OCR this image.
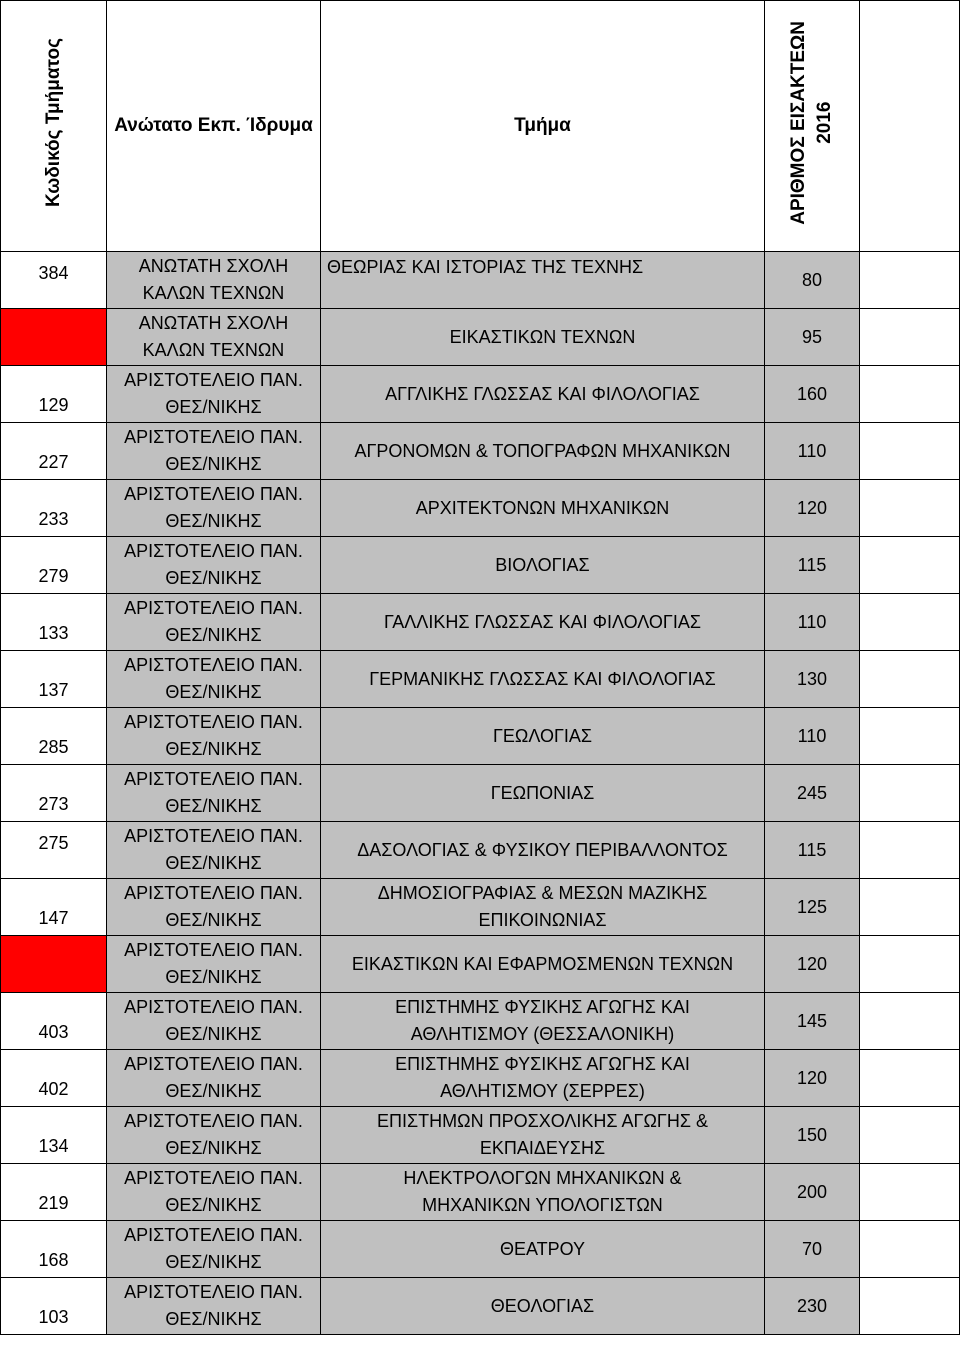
Κωδικός Τμήματος	Ανώτατο Εκπ. Ίδρυμα	Τμήμα	ΑΡΙΘΜΟΣ ΕΙΣΑΚΤΕΩΝ 2016	
384	ΑΝΩΤΑΤΗ ΣΧΟΛΗ
ΚΑΛΩΝ ΤΕΧΝΩΝ	ΘΕΩΡΙΑΣ ΚΑΙ ΙΣΤΟΡΙΑΣ ΤΗΣ ΤΕΧΝΗΣ	80	

	ΑΝΩΤΑΤΗ ΣΧΟΛΗ
ΚΑΛΩΝ ΤΕΧΝΩΝ	ΕΙΚΑΣΤΙΚΩΝ ΤΕΧΝΩΝ	95	
129	ΑΡΙΣΤΟΤΕΛΕΙΟ ΠΑΝ.
ΘΕΣ/ΝΙΚΗΣ	ΑΓΓΛΙΚΗΣ ΓΛΩΣΣΑΣ ΚΑΙ ΦΙΛΟΛΟΓΙΑΣ	160	
227	ΑΡΙΣΤΟΤΕΛΕΙΟ ΠΑΝ.
ΘΕΣ/ΝΙΚΗΣ	ΑΓΡΟΝΟΜΩΝ & ΤΟΠΟΓΡΑΦΩΝ ΜΗΧΑΝΙΚΩΝ	110	
233	ΑΡΙΣΤΟΤΕΛΕΙΟ ΠΑΝ.
ΘΕΣ/ΝΙΚΗΣ	ΑΡΧΙΤΕΚΤΟΝΩΝ ΜΗΧΑΝΙΚΩΝ	120	
279	ΑΡΙΣΤΟΤΕΛΕΙΟ ΠΑΝ.
ΘΕΣ/ΝΙΚΗΣ	ΒΙΟΛΟΓΙΑΣ	115	
133	ΑΡΙΣΤΟΤΕΛΕΙΟ ΠΑΝ.
ΘΕΣ/ΝΙΚΗΣ	ΓΑΛΛΙΚΗΣ ΓΛΩΣΣΑΣ ΚΑΙ ΦΙΛΟΛΟΓΙΑΣ	110	
137	ΑΡΙΣΤΟΤΕΛΕΙΟ ΠΑΝ.
ΘΕΣ/ΝΙΚΗΣ	ΓΕΡΜΑΝΙΚΗΣ ΓΛΩΣΣΑΣ ΚΑΙ ΦΙΛΟΛΟΓΙΑΣ	130	
285	ΑΡΙΣΤΟΤΕΛΕΙΟ ΠΑΝ.
ΘΕΣ/ΝΙΚΗΣ	ΓΕΩΛΟΓΙΑΣ	110	
273	ΑΡΙΣΤΟΤΕΛΕΙΟ ΠΑΝ.
ΘΕΣ/ΝΙΚΗΣ	ΓΕΩΠΟΝΙΑΣ	245	
275	ΑΡΙΣΤΟΤΕΛΕΙΟ ΠΑΝ.
ΘΕΣ/ΝΙΚΗΣ	ΔΑΣΟΛΟΓΙΑΣ & ΦΥΣΙΚΟΥ ΠΕΡΙΒΑΛΛΟΝΤΟΣ	115	
147	ΑΡΙΣΤΟΤΕΛΕΙΟ ΠΑΝ.
ΘΕΣ/ΝΙΚΗΣ	ΔΗΜΟΣΙΟΓΡΑΦΙΑΣ & ΜΕΣΩΝ ΜΑΖΙΚΗΣ ΕΠΙΚΟΙΝΩΝΙΑΣ	125	

	ΑΡΙΣΤΟΤΕΛΕΙΟ ΠΑΝ.
ΘΕΣ/ΝΙΚΗΣ	ΕΙΚΑΣΤΙΚΩΝ ΚΑΙ ΕΦΑΡΜΟΣΜΕΝΩΝ ΤΕΧΝΩΝ	120	
403	ΑΡΙΣΤΟΤΕΛΕΙΟ ΠΑΝ.
ΘΕΣ/ΝΙΚΗΣ	ΕΠΙΣΤΗΜΗΣ ΦΥΣΙΚΗΣ ΑΓΩΓΗΣ ΚΑΙ ΑΘΛΗΤΙΣΜΟΥ (ΘΕΣΣΑΛΟΝΙΚΗ)	145	
402	ΑΡΙΣΤΟΤΕΛΕΙΟ ΠΑΝ.
ΘΕΣ/ΝΙΚΗΣ	ΕΠΙΣΤΗΜΗΣ ΦΥΣΙΚΗΣ ΑΓΩΓΗΣ ΚΑΙ ΑΘΛΗΤΙΣΜΟΥ (ΣΕΡΡΕΣ)	120	
134	ΑΡΙΣΤΟΤΕΛΕΙΟ ΠΑΝ.
ΘΕΣ/ΝΙΚΗΣ	ΕΠΙΣΤΗΜΩΝ ΠΡΟΣΧΟΛΙΚΗΣ ΑΓΩΓΗΣ & ΕΚΠΑΙΔΕΥΣΗΣ	150	
219	ΑΡΙΣΤΟΤΕΛΕΙΟ ΠΑΝ.
ΘΕΣ/ΝΙΚΗΣ	ΗΛΕΚΤΡΟΛΟΓΩΝ ΜΗΧΑΝΙΚΩΝ & ΜΗΧΑΝΙΚΩΝ ΥΠΟΛΟΓΙΣΤΩΝ	200	
168	ΑΡΙΣΤΟΤΕΛΕΙΟ ΠΑΝ.
ΘΕΣ/ΝΙΚΗΣ	ΘΕΑΤΡΟΥ	70	
103	ΑΡΙΣΤΟΤΕΛΕΙΟ ΠΑΝ.
ΘΕΣ/ΝΙΚΗΣ	ΘΕΟΛΟΓΙΑΣ	230	
